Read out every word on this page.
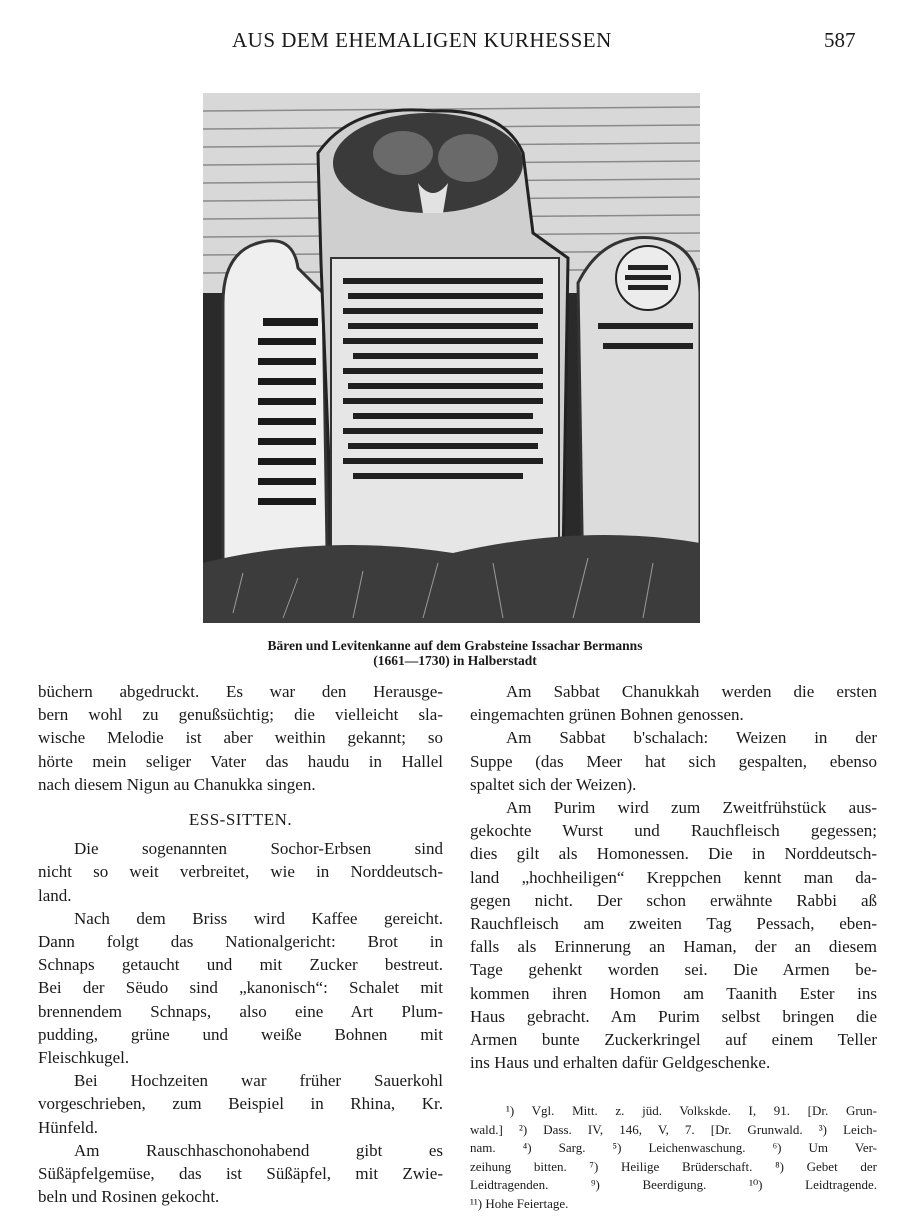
AUS DEM EHEMALIGEN KURHESSEN	587
Bären und Levitenkanne auf dem Grabsteine Issachar Bermanns
(1661—1730) in Halberstadt

büchern abgedruckt. Es war den Herausge-
bern wohl zu genußsüchtig; die vielleicht sla-
wische Melodie ist aber weithin gekannt; so
hörte mein seliger Vater das haudu in Hallel
nach diesem Nigun au Chanukka singen.

ESS-SITTEN.

Die sogenannten Sochor-Erbsen sind
nicht so weit verbreitet, wie in Norddeutsch-
land.

Nach dem Briss wird Kaffee gereicht.
Dann folgt das Nationalgericht: Brot in
Schnaps getaucht und mit Zucker bestreut.
Bei der Sëudo sind „kanonisch“: Schalet mit
brennendem Schnaps, also eine Art Plum-
pudding, grüne und weiße Bohnen mit
Fleischkugel.

Bei Hochzeiten war früher Sauerkohl
vorgeschrieben, zum Beispiel in Rhina, Kr.
Hünfeld.

Am Rauschhaschonohabend gibt es
Süßäpfelgemüse, das ist Süßäpfel, mit Zwie-
beln und Rosinen gekocht.

Am Sabbat Chanukkah werden die ersten
eingemachten grünen Bohnen genossen.

Am Sabbat b'schalach: Weizen in der
Suppe (das Meer hat sich gespalten, ebenso
spaltet sich der Weizen).

Am Purim wird zum Zweitfrühstück aus-
gekochte Wurst und Rauchfleisch gegessen;
dies gilt als Homonessen. Die in Norddeutsch-
land „hochheiligen“ Kreppchen kennt man da-
gegen nicht. Der schon erwähnte Rabbi aß
Rauchfleisch am zweiten Tag Pessach, eben-
falls als Erinnerung an Haman, der an diesem
Tage gehenkt worden sei. Die Armen be-
kommen ihren Homon am Taanith Ester ins
Haus gebracht. Am Purim selbst bringen die
Armen bunte Zuckerkringel auf einem Teller
ins Haus und erhalten dafür Geldgeschenke.

¹) Vgl. Mitt. z. jüd. Volkskde. I, 91. [Dr. Grun-
wald.] ²) Dass. IV, 146, V, 7. [Dr. Grunwald. ³) Leich-
nam. ⁴) Sarg. ⁵) Leichenwaschung. ⁶) Um Ver-
zeihung bitten. ⁷) Heilige Brüderschaft. ⁸) Gebet der
Leidtragenden. ⁹) Beerdigung. ¹⁰) Leidtragende.
¹¹) Hohe Feiertage.
